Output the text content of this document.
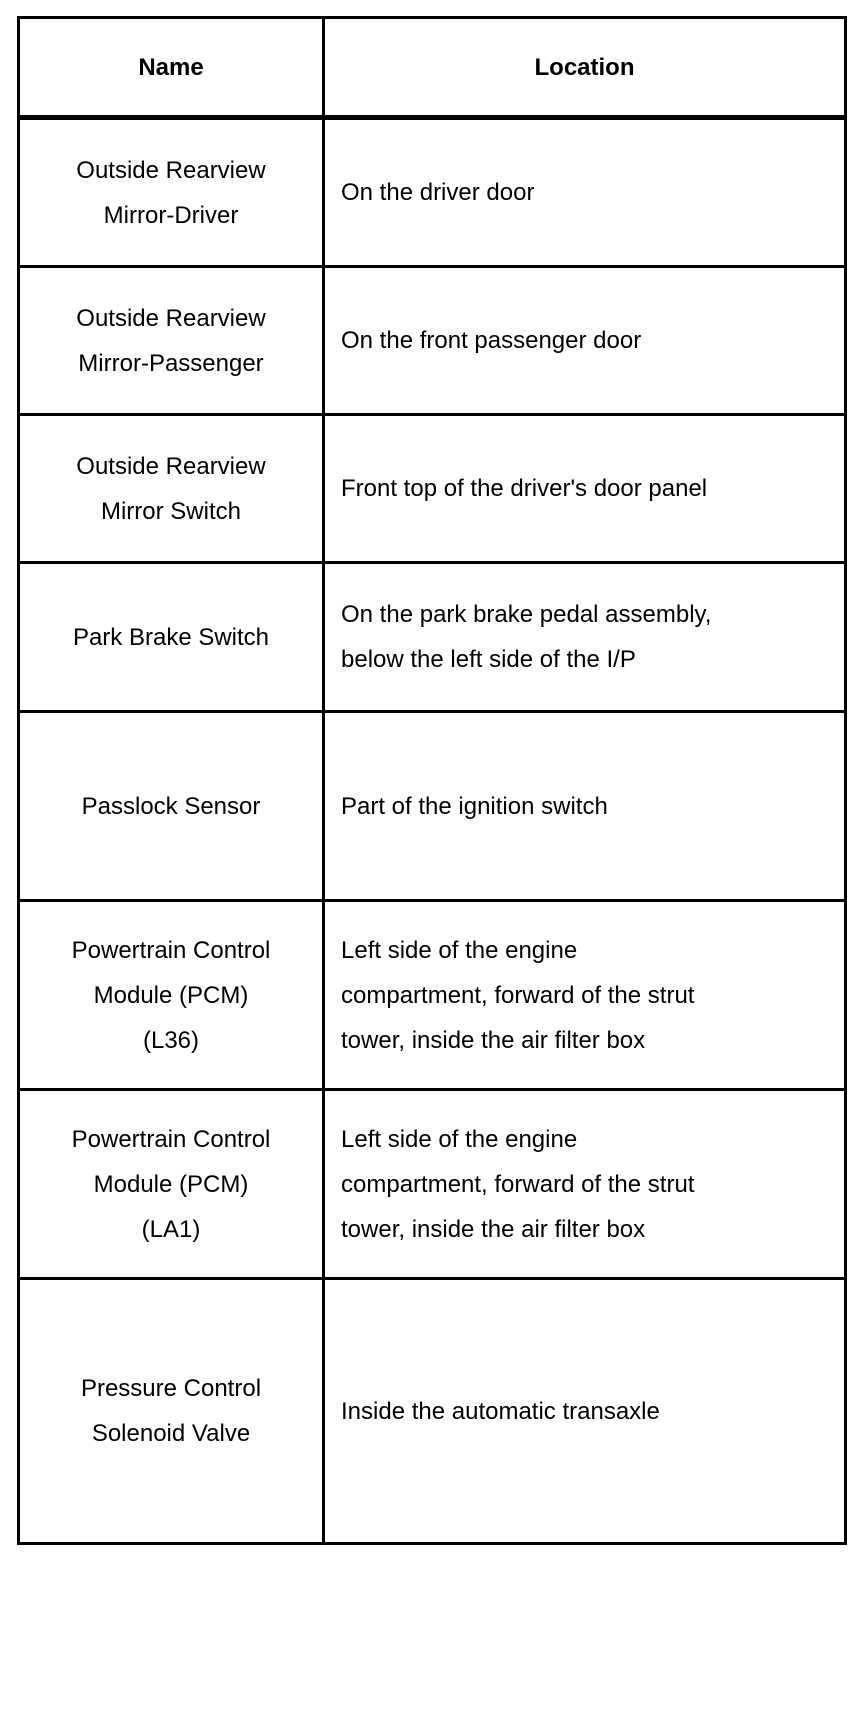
Name	Location

Outside Rearview
Mirror-Driver	On the driver door

Outside Rearview
Mirror-Passenger	On the front passenger door

Outside Rearview
Mirror Switch	Front top of the driver's door panel

Park Brake Switch	On the park brake pedal assembly,
below the left side of the I/P

Passlock Sensor	Part of the ignition switch

Powertrain Control
Module (PCM)
(L36)	Left side of the engine
compartment, forward of the strut
tower, inside the air filter box

Powertrain Control
Module (PCM)
(LA1)	Left side of the engine
compartment, forward of the strut
tower, inside the air filter box

Pressure Control
Solenoid Valve	Inside the automatic transaxle
